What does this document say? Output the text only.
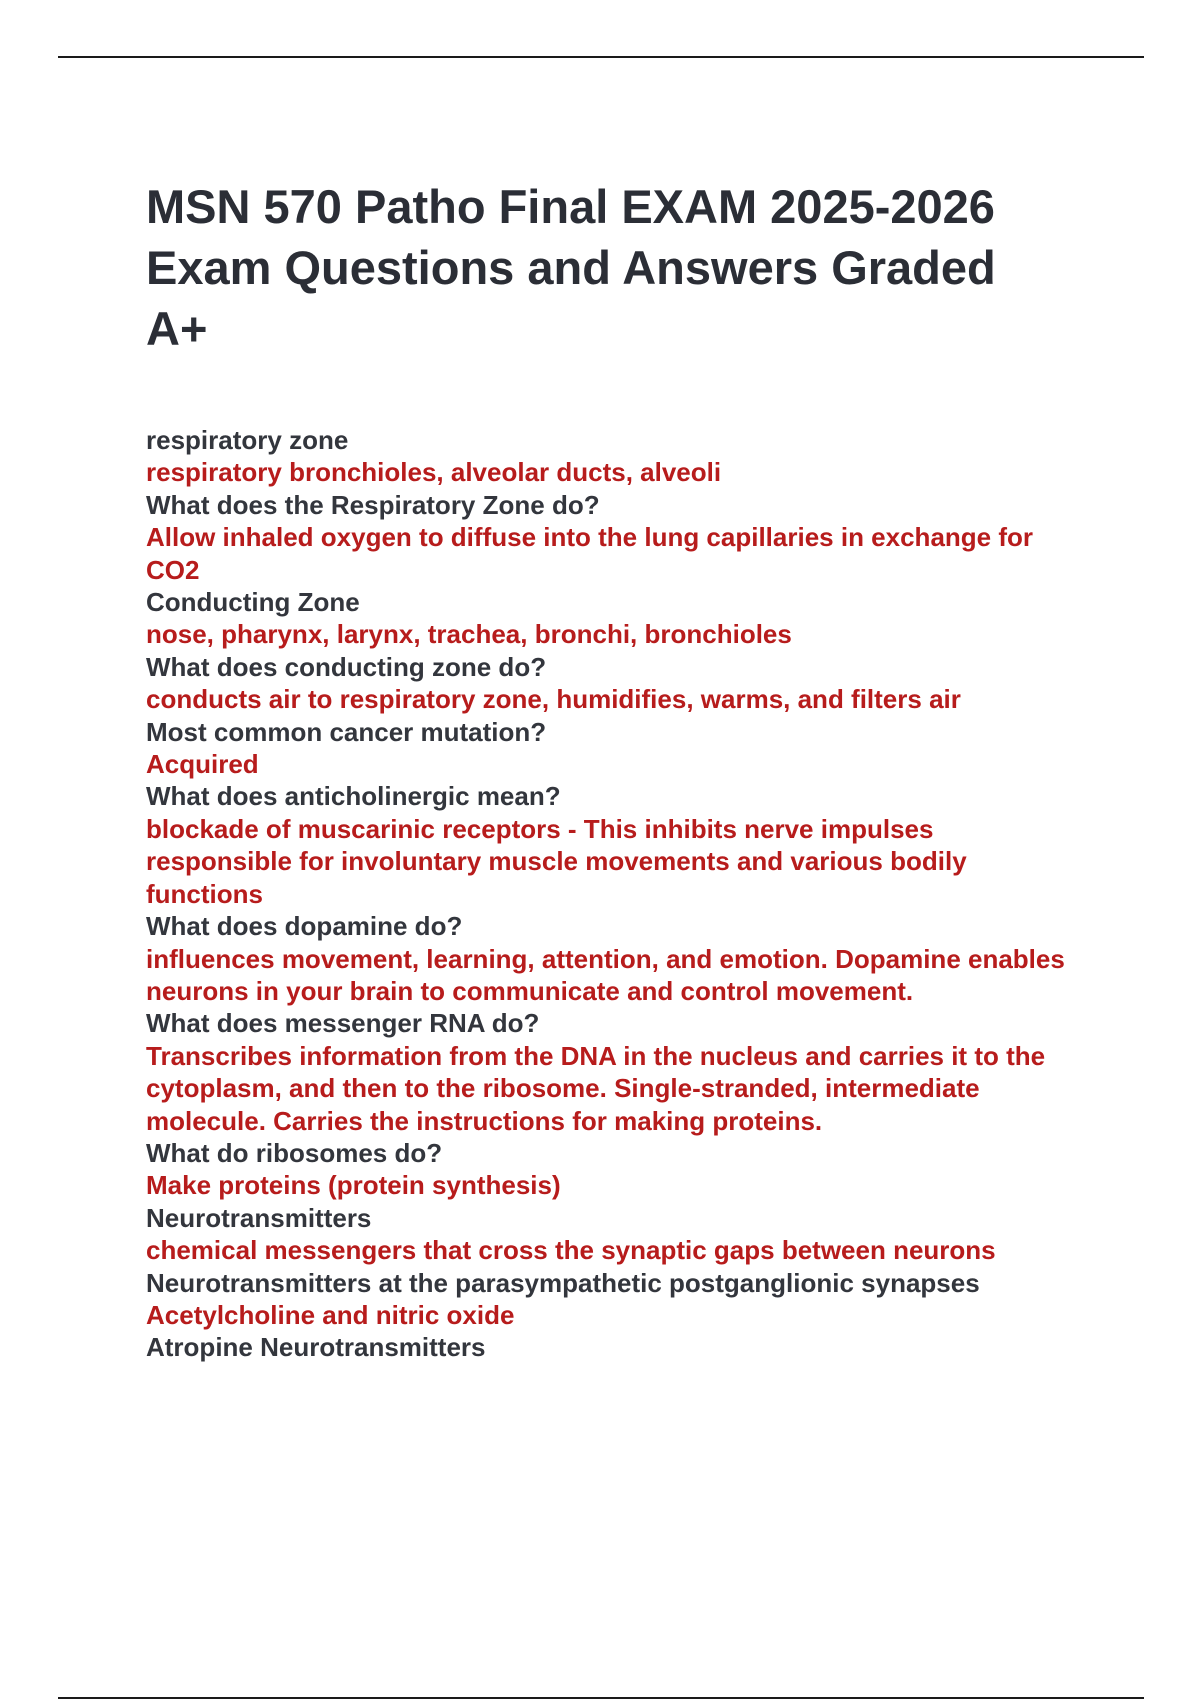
MSN 570 Patho Final EXAM 2025-2026 Exam Questions and Answers Graded A+
respiratory zone
respiratory bronchioles, alveolar ducts, alveoli
What does the Respiratory Zone do?
Allow inhaled oxygen to diffuse into the lung capillaries in exchange for CO2
Conducting Zone
nose, pharynx, larynx, trachea, bronchi, bronchioles
What does conducting zone do?
conducts air to respiratory zone, humidifies, warms, and filters air
Most common cancer mutation?
Acquired
What does anticholinergic mean?
blockade of muscarinic receptors - This inhibits nerve impulses responsible for involuntary muscle movements and various bodily functions
What does dopamine do?
influences movement, learning, attention, and emotion. Dopamine enables neurons in your brain to communicate and control movement.
What does messenger RNA do?
Transcribes information from the DNA in the nucleus and carries it to the cytoplasm, and then to the ribosome. Single-stranded, intermediate molecule. Carries the instructions for making proteins.
What do ribosomes do?
Make proteins (protein synthesis)
Neurotransmitters
chemical messengers that cross the synaptic gaps between neurons
Neurotransmitters at the parasympathetic postganglionic synapses
Acetylcholine and nitric oxide
Atropine Neurotransmitters
